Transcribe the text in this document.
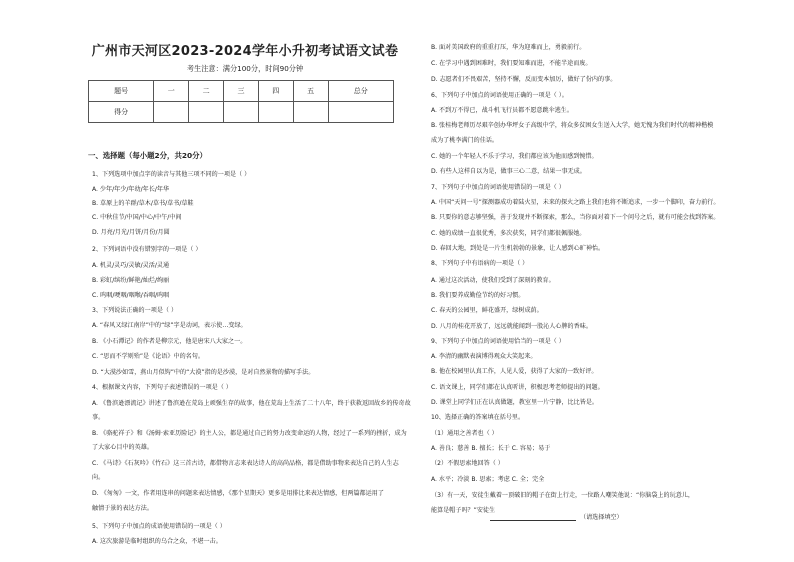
广州市天河区2023-2024学年小升初考试语文试卷
考生注意：满分100分，时间90分钟
题号	一	二	三	四	五	总分
得分						
一、选择题（每小题2分，共20分）
1、下列选项中加点字的读音与其他三项不同的一项是（ ）
A. 少年/年少/年幼/年长/年华
B. 草原上的羊群/草木/草书/草书/草鞋
C. 中秋佳节/中国/中心/中午/中间
D. 月亮/月光/月饼/月份/月圆
2、下列词语中没有错别字的一项是（ ）
A. 机灵/灵巧/灵敏/灵活/灵通
B. 彩虹/缤纷/鲜艳/灿烂/绚丽
C. 呜咽/哽咽/咽喉/吞咽/呜咽
3、下列说法正确的一项是（ ）
A. “春风又绿江南岸”中的“绿”字是动词，表示使…变绿。
B. 《小石潭记》的作者是柳宗元，他是唐宋八大家之一。
C. “思而不学则殆”是《论语》中的名句。
D. “大漠沙如雪，燕山月似钩”中的“大漠”指的是沙漠，是对自然景物的描写手法。
4、根据课文内容，下列句子表述错误的一项是（ ）
A. 《鲁滨逊漂流记》讲述了鲁滨逊在荒岛上顽强生存的故事，他在荒岛上生活了二十八年，终于获救返回故乡的传奇故
事。
B. 《骆驼祥子》和《汤姆·索亚历险记》的主人公，都是通过自己的努力改变命运的人物，经过了一系列的挫折，成为
了大家心目中的英雄。
C. 《马诗》《石灰吟》《竹石》这三首古诗，都借物言志来表达诗人的高尚品格，都是借助事物来表达自己的人生志
向。
D. 《匆匆》一文，作者用连串的问题来表达情感，《那个星期天》更多是用排比来表达情感，但两篇都运用了
触情于景的表达方法。
5、下列句子中加点的成语使用错误的一项是（ ）
A. 这次旅游是临时组织的乌合之众，不堪一击。
B. 面对美国政府的重重打压，华为迎难而上，勇毅前行。
C. 在学习中遇到困难时，我们要知难而进，不能半途而废。
D. 志愿者们不畏艰苦，坚持不懈，反而变本加厉，做好了份内的事。
6、下列句子中加点的词语使用正确的一项是（ ）。
A. 不到万不得已，战斗机飞行员都不愿意跳伞逃生。
B. 张桂梅老师历尽艰辛创办华坪女子高级中学，将众多贫困女生送入大学，她无愧为我们时代的精神楷模
成为了桃李满门的佳话。
C. 她的一个年轻人不乐于学习，我们都应该为他而感到惋惜。
D. 有些人这样自以为是，做事三心二意，结果一事无成。
7、下列句子中加点的词语使用错误的一项是（ ）
A. 中国“天问一号”探测器成功着陆火星，未来的探火之路上我们也将不断追求，一步一个脚印，奋力前行。
B. 只要你的意志够坚强，善于发现并不断探索，那么，当你面对着下一个问号之后，就有可能会找到答案。
C. 她的成绩一直很优秀，多次获奖，同学们都很佩服她。
D. 春回大地，到处是一片生机勃勃的景象，让人感到心旷神怡。
8、下列句子中有语病的一项是（ ）
A. 通过这次活动，使我们受到了深刻的教育。
B. 我们要养成勤俭节约的好习惯。
C. 春天的公园里，鲜花盛开，绿树成荫。
D. 八月的桂花开放了，远远就能闻到一股沁人心脾的香味。
9、下列句子中加点的词语使用恰当的一项是（ ）
A. 李清的幽默表演博得观众大笑起来。
B. 他在校园里认真工作，人见人爱，获得了大家的一致好评。
C. 语文课上，同学们都在认真听讲，积极思考老师提出的问题。
D. 课堂上同学们正在认真做题，教室里一片宁静，比比皆是。
10、选择正确的答案填在括号里。
（1）通用之善者也（ ）
A. 善良；慈善 B. 擅长；长于 C. 容易；易于
（2）不假思索地回答（ ）
A. 水平；冷淡 B. 思索；考虑 C. 全；完全
（3）有一天，安徒生戴着一顶破旧的帽子在街上行走，一位路人嘲笑他说：“你脑袋上的玩意儿，
能算是帽子吗？”安徒生
（请选择填空）
